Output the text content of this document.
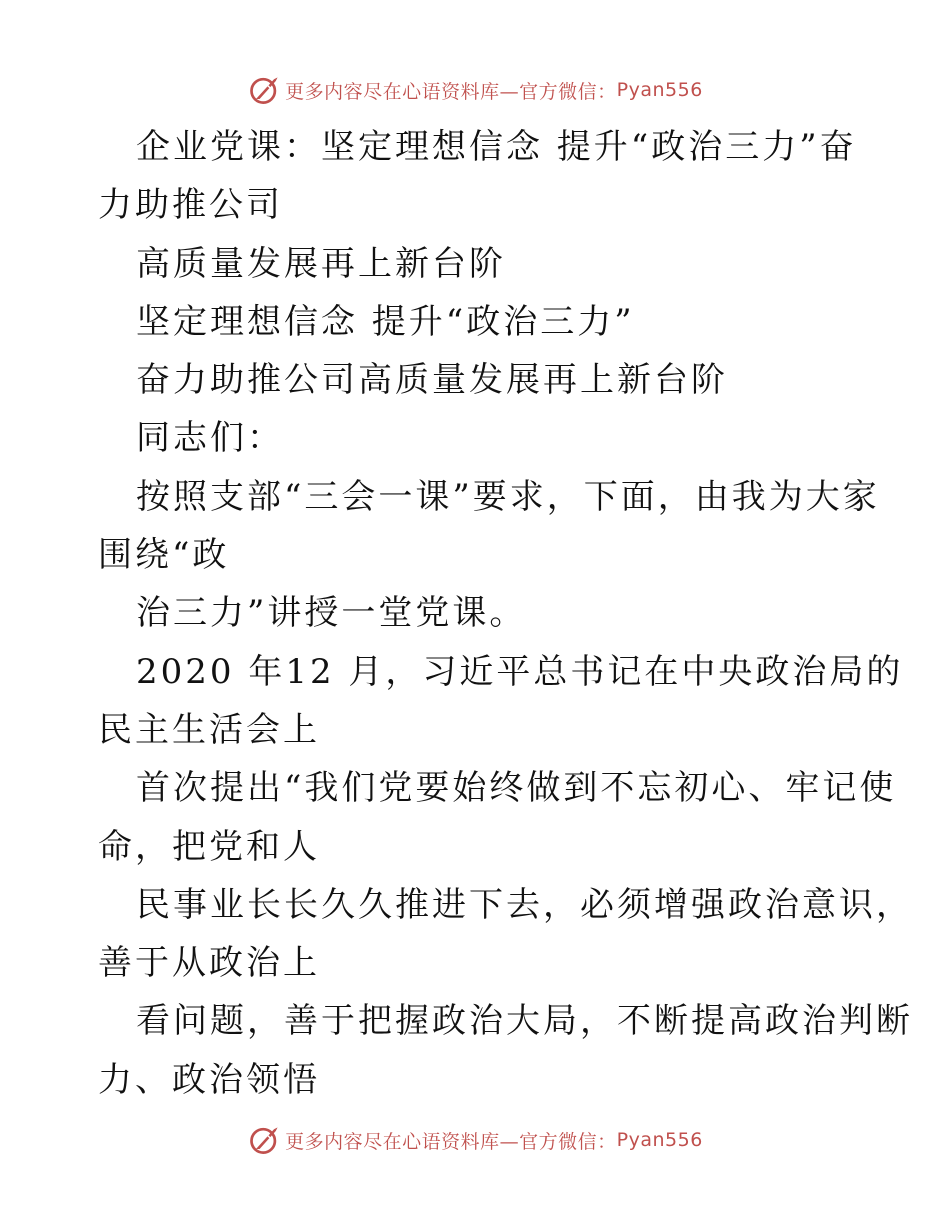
更多内容尽在心语资料库—官方微信： Pyan556
企业党课：坚定理想信念 提升“政治三力”奋
力助推公司
高质量发展再上新台阶
坚定理想信念 提升“政治三力”
奋力助推公司高质量发展再上新台阶
同志们：
按照支部“三会一课”要求，下面，由我为大家
围绕“政
治三力”讲授一堂党课。
2020 年12 月，习近平总书记在中央政治局的
民主生活会上
首次提出“我们党要始终做到不忘初心、牢记使
命，把党和人
民事业长长久久推进下去，必须增强政治意识，
善于从政治上
看问题，善于把握政治大局，不断提高政治判断
力、政治领悟
更多内容尽在心语资料库—官方微信： Pyan556
